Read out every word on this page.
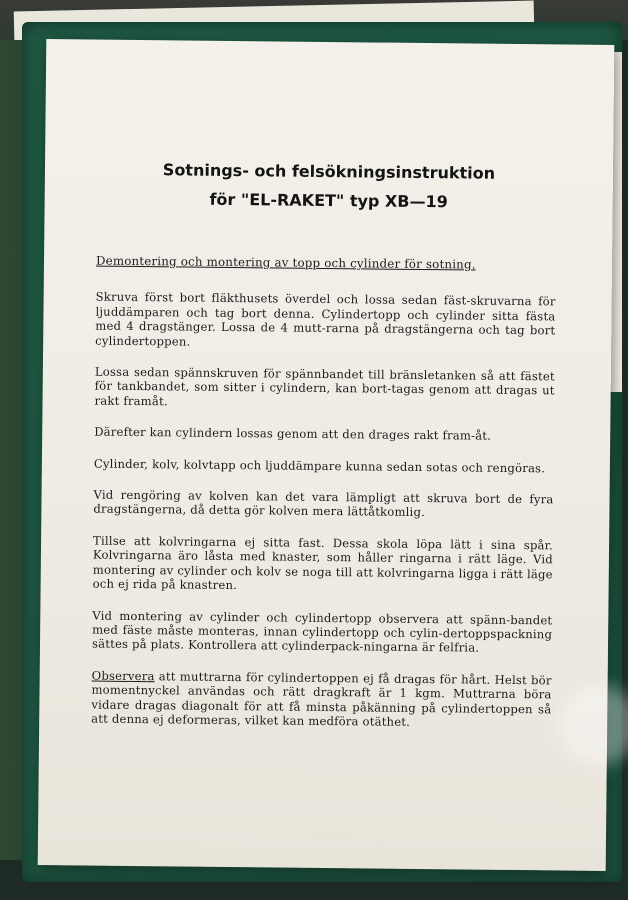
Sotnings- och felsökningsinstruktion
för "EL-RAKET" typ XB—19
Demontering och montering av topp och cylinder för sotning.

Skruva först bort fläkthusets överdel och lossa sedan fäst-skruvarna för ljuddämparen och tag bort denna. Cylindertopp och cylinder sitta fästa med 4 dragstänger. Lossa de 4 mutt-rarna på dragstängerna och tag bort cylindertoppen.

Lossa sedan spännskruven för spännbandet till bränsletanken så att fästet för tankbandet, som sitter i cylindern, kan bort-tagas genom att dragas ut rakt framåt.

Därefter kan cylindern lossas genom att den drages rakt fram-åt.

Cylinder, kolv, kolvtapp och ljuddämpare kunna sedan sotas och rengöras.

Vid rengöring av kolven kan det vara lämpligt att skruva bort de fyra dragstängerna, då detta gör kolven mera lättåtkomlig.

Tillse att kolvringarna ej sitta fast. Dessa skola löpa lätt i sina spår. Kolvringarna äro låsta med knaster, som håller ringarna i rätt läge. Vid montering av cylinder och kolv se noga till att kolvringarna ligga i rätt läge och ej rida på knastren.

Vid montering av cylinder och cylindertopp observera att spänn-bandet med fäste måste monteras, innan cylindertopp och cylin-dertoppspackning sättes på plats. Kontrollera att cylinderpack-ningarna är felfria.

Observera att muttrarna för cylindertoppen ej få dragas för hårt. Helst bör momentnyckel användas och rätt dragkraft är 1 kgm. Muttrarna böra vidare dragas diagonalt för att få minsta påkänning på cylindertoppen så att denna ej deformeras, vilket kan medföra otäthet.
